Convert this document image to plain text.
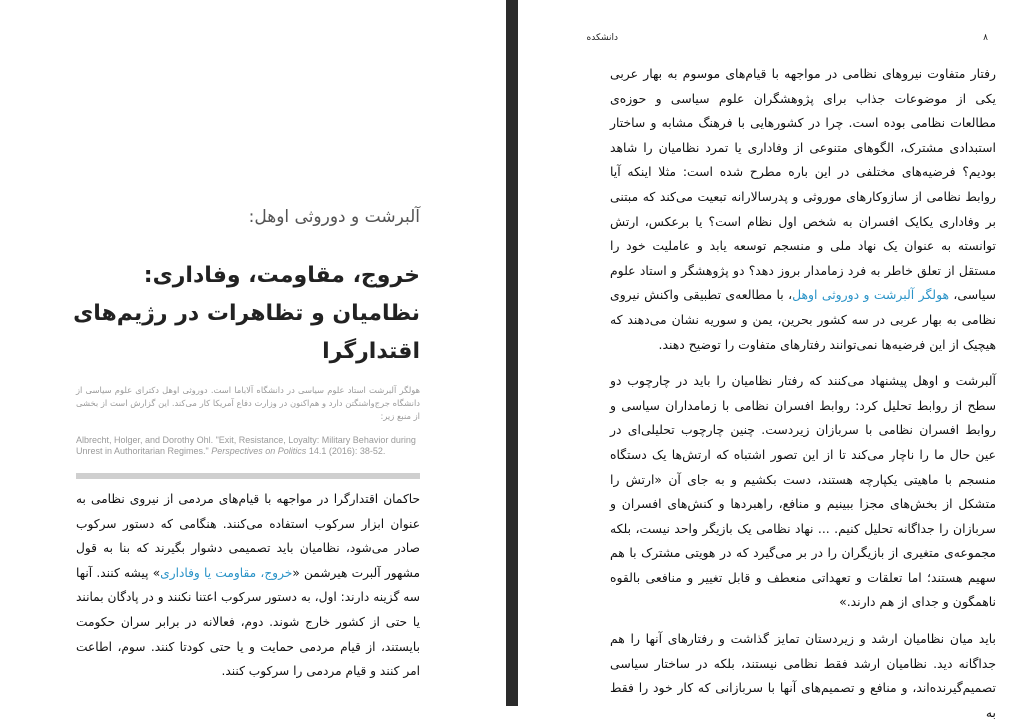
آلبرشت و دوروثی اوهل:
خروج، مقاومت، وفاداری: نظامیان و تظاهرات در رژیم‌های اقتدارگرا
هولگر آلبرشت استاد علوم سیاسی در دانشگاه آلاباما است. دوروثی اوهل دکترای علوم سیاسی از دانشگاه جرج‌واشنگتن دارد و هم‌اکنون در وزارت دفاع آمریکا کار می‌کند. این گزارش است از بخشی از منبع زیر:
Albrecht, Holger, and Dorothy Ohl. "Exit, Resistance, Loyalty: Military Behavior during Unrest in Authoritarian Regimes." Perspectives on Politics 14.1 (2016): 38-52.

حاکمان اقتدارگرا در مواجهه با قیام‌های مردمی از نیروی نظامی به عنوان ابزار سرکوب استفاده می‌کنند. هنگامی که دستور سرکوب صادر می‌شود، نظامیان باید تصمیمی دشوار بگیرند که بنا به قول مشهور آلبرت هیرشمن «خروج، مقاومت یا وفاداری» پیشه کنند. آنها سه گزینه دارند: اول، به دستور سرکوب اعتنا نکنند و در پادگان بمانند یا حتی از کشور خارج شوند. دوم، فعالانه در برابر سران حکومت بایستند، از قیام مردمی حمایت و یا حتی کودتا کنند. سوم، اطاعت امر کنند و قیام مردمی را سرکوب کنند.

دانشکده	۸

رفتار متفاوت نیروهای نظامی در مواجهه با قیام‌های موسوم به بهار عربی یکی از موضوعات جذاب برای پژوهشگران علوم سیاسی و حوزه‌ی مطالعات نظامی بوده است. چرا در کشورهایی با فرهنگ مشابه و ساختار استبدادی مشترک، الگوهای متنوعی از وفاداری یا تمرد نظامیان را شاهد بودیم؟ فرضیه‌های مختلفی در این باره مطرح شده است: مثلا اینکه آیا روابط نظامی از سازوکارهای موروثی و پدرسالارانه تبعیت می‌کند که مبتنی بر وفاداری یکایک افسران به شخص اول نظام است؟ یا برعکس، ارتش توانسته به عنوان یک نهاد ملی و منسجم توسعه یابد و عاملیت خود را مستقل از تعلق خاطر به فرد زمامدار بروز دهد؟ دو پژوهشگر و استاد علوم سیاسی، هولگر آلبرشت و دوروثی اوهل، با مطالعه‌ی تطبیقی واکنش نیروی نظامی به بهار عربی در سه کشور بحرین، یمن و سوریه نشان می‌دهند که هیچیک از این فرضیه‌ها نمی‌توانند رفتارهای متفاوت را توضیح دهند.

آلبرشت و اوهل پیشنهاد می‌کنند که رفتار نظامیان را باید در چارچوب دو سطح از روابط تحلیل کرد: روابط افسران نظامی با زمامداران سیاسی و روابط افسران نظامی با سربازان زیردست. چنین چارچوب تحلیلی‌ای در عین حال ما را ناچار می‌کند تا از این تصور اشتباه که ارتش‌ها یک دستگاه منسجم با ماهیتی یکپارچه هستند، دست بکشیم و به جای آن «ارتش را متشکل از بخش‌های مجزا ببینیم و منافع، راهبردها و کنش‌های افسران و سربازان را جداگانه تحلیل کنیم. ... نهاد نظامی یک بازیگر واحد نیست، بلکه مجموعه‌ی متغیری از بازیگران را در بر می‌گیرد که در هویتی مشترک با هم سهیم هستند؛ اما تعلقات و تعهداتی منعطف و قابل تغییر و منافعی بالقوه ناهمگون و جدای از هم دارند.»

باید میان نظامیان ارشد و زیردستان تمایز گذاشت و رفتارهای آنها را هم جداگانه دید. نظامیان ارشد فقط نظامی نیستند، بلکه در ساختار سیاسی تصمیم‌گیرنده‌اند، و منافع و تصمیم‌های آنها با سربازانی که کار خود را فقط به
